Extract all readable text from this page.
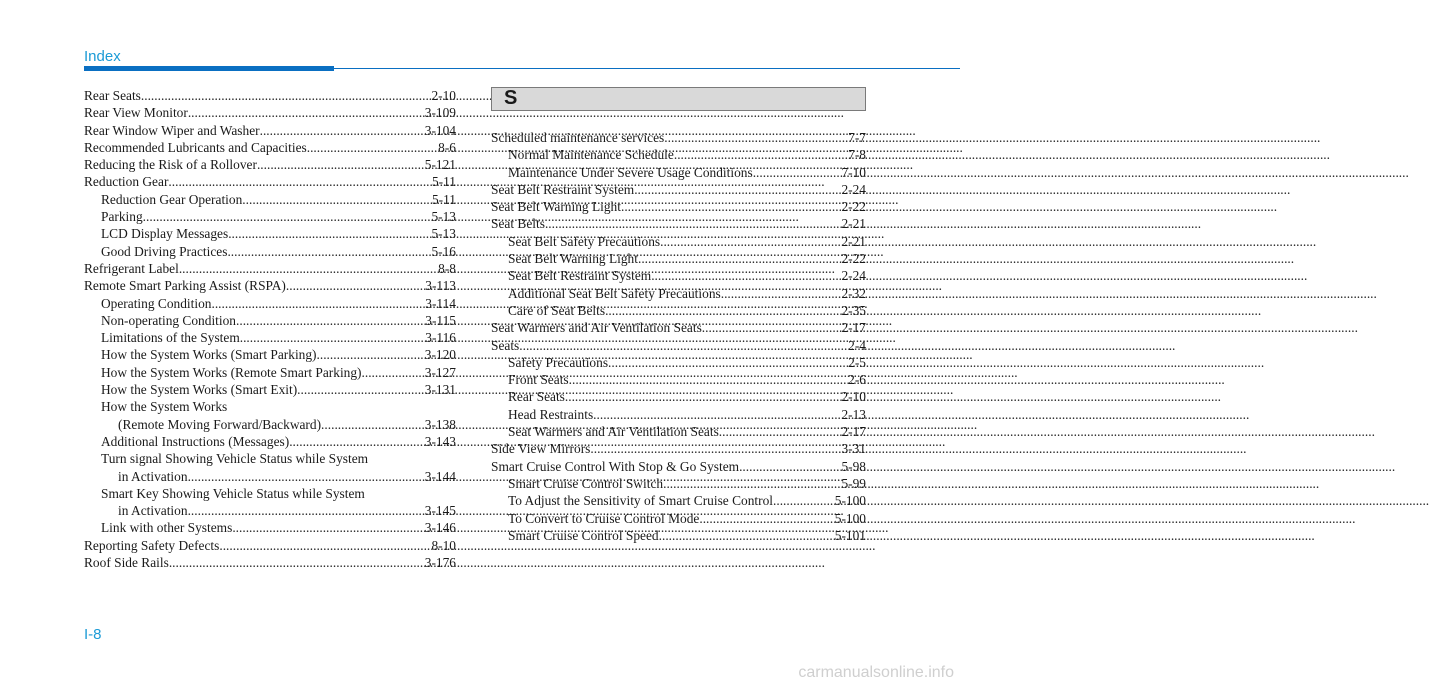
Index
Rear Seats .....	2-10
Rear View Monitor .....	3-109
Rear Window Wiper and Washer .....	3-104
Recommended Lubricants and Capacities .....	8-6
Reducing the Risk of a Rollover .....	5-121
Reduction Gear .....	5-11
Reduction Gear Operation .....	5-11
Parking .....	5-13
LCD Display Messages .....	5-13
Good Driving Practices .....	5-16
Refrigerant Label .....	8-8
Remote Smart Parking Assist (RSPA) .....	3-113
Operating Condition .....	3-114
Non-operating Condition .....	3-115
Limitations of the System .....	3-116
How the System Works (Smart Parking) .....	3-120
How the System Works (Remote Smart Parking) .....	3-127
How the System Works (Smart Exit) .....	3-131
How the System Works
(Remote Moving Forward/Backward) .....	3-138
Additional Instructions (Messages) .....	3-143
Turn signal Showing Vehicle Status while System
in Activation .....	3-144
Smart Key Showing Vehicle Status while System
in Activation .....	3-145
Link with other Systems .....	3-146
Reporting Safety Defects .....	8-10
Roof Side Rails .....	3-176
S
Scheduled maintenance services .....	7-7
Normal Maintenance Schedule .....	7-8
Maintenance Under Severe Usage Conditions .....	7-10
Seat Belt Restraint System .....	2-24
Seat Belt Warning Light .....	2-22
Seat Belts .....	2-21
Seat Belt Safety Precautions .....	2-21
Seat Belt Warning Light .....	2-22
Seat Belt Restraint System .....	2-24
Additional Seat Belt Safety Precautions .....	2-32
Care of Seat Belts .....	2-35
Seat Warmers and Air Ventilation Seats .....	2-17
Seats .....	2-4
Safety Precautions .....	2-5
Front Seats .....	2-6
Rear Seats .....	2-10
Head Restraints .....	2-13
Seat Warmers and Air Ventilation Seats .....	2-17
Side View Mirrors .....	3-31
Smart Cruise Control With Stop & Go System .....	5-98
Smart Cruise Control Switch .....	5-99
To Adjust the Sensitivity of Smart Cruise Control .....	5-100
To Convert to Cruise Control Mode .....	5-100
Smart Cruise Control Speed .....	5-101
I-8
carmanualsonline.info
